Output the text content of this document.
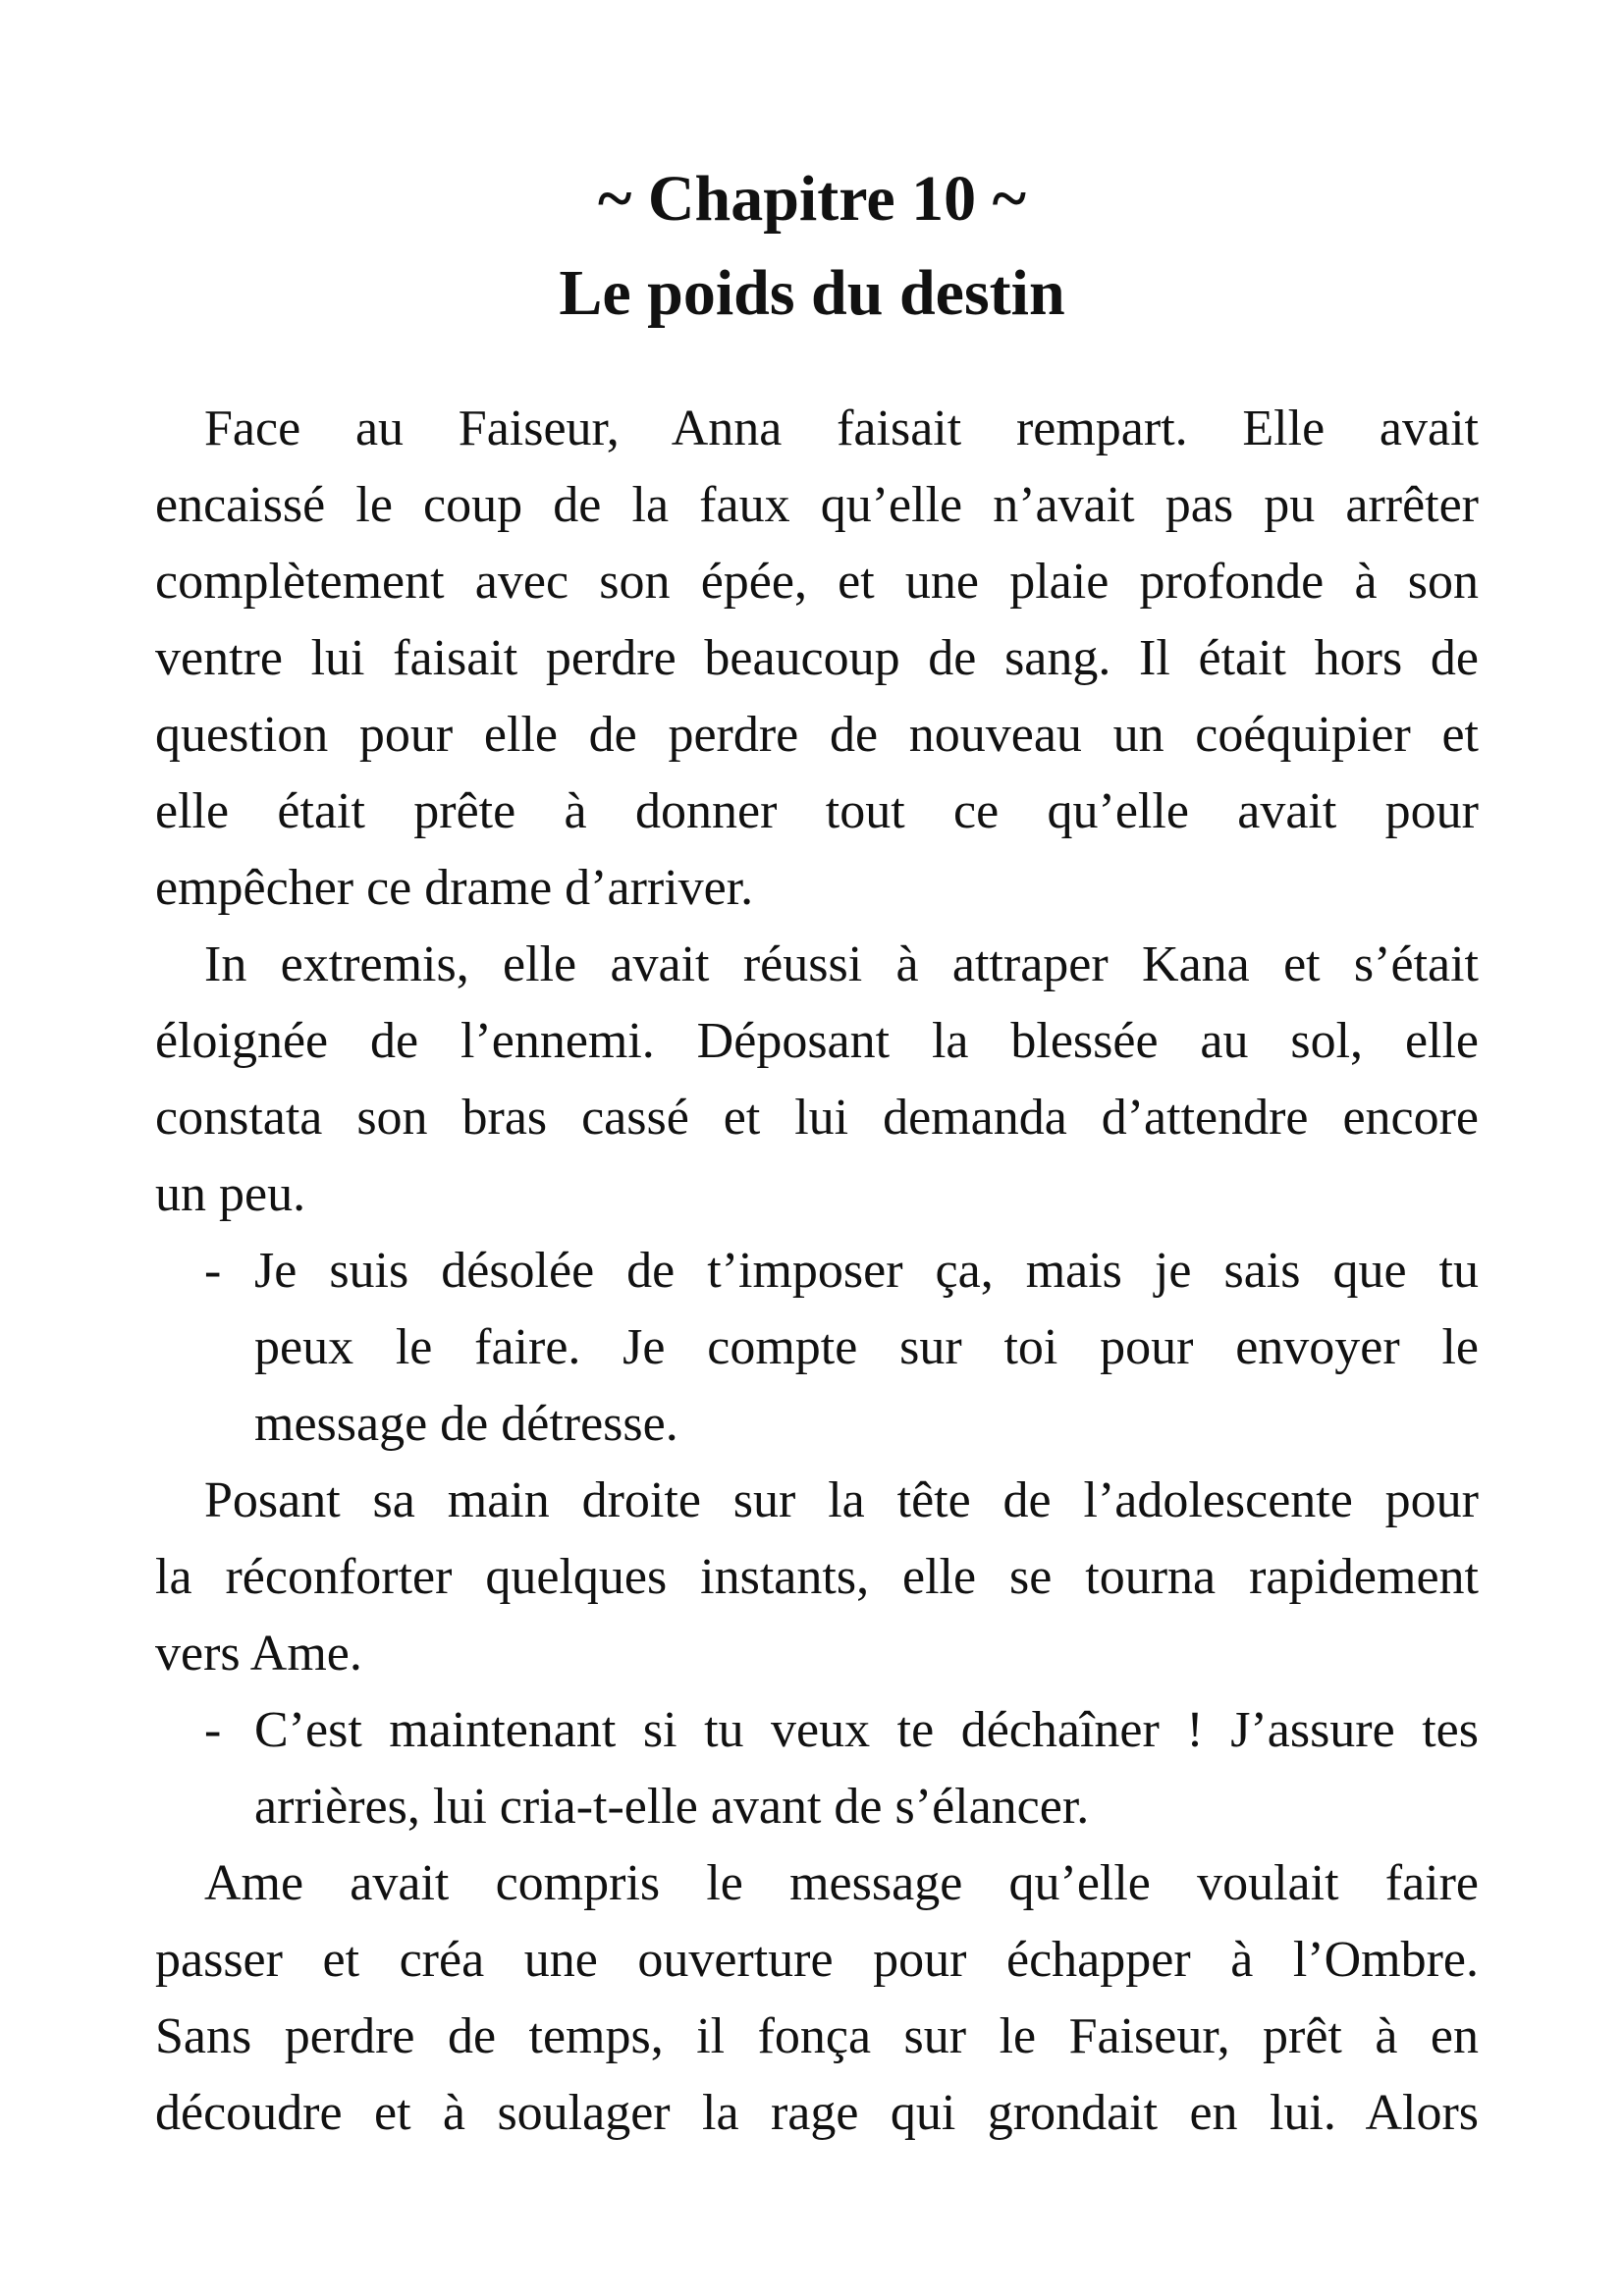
~ Chapitre 10 ~
Le poids du destin

Face au Faiseur, Anna faisait rempart. Elle avait
encaissé le coup de la faux qu’elle n’avait pas pu arrêter
complètement avec son épée, et une plaie profonde à son
ventre lui faisait perdre beaucoup de sang. Il était hors de
question pour elle de perdre de nouveau un coéquipier et
elle était prête à donner tout ce qu’elle avait pour
empêcher ce drame d’arriver.

In extremis, elle avait réussi à attraper Kana et s’était
éloignée de l’ennemi. Déposant la blessée au sol, elle
constata son bras cassé et lui demanda d’attendre encore
un peu.

- Je suis désolée de t’imposer ça, mais je sais que tu
peux le faire. Je compte sur toi pour envoyer le
message de détresse.

Posant sa main droite sur la tête de l’adolescente pour
la réconforter quelques instants, elle se tourna rapidement
vers Ame.

- C’est maintenant si tu veux te déchaîner ! J’assure tes
arrières, lui cria-t-elle avant de s’élancer.

Ame avait compris le message qu’elle voulait faire
passer et créa une ouverture pour échapper à l’Ombre.
Sans perdre de temps, il fonça sur le Faiseur, prêt à en
découdre et à soulager la rage qui grondait en lui. Alors
